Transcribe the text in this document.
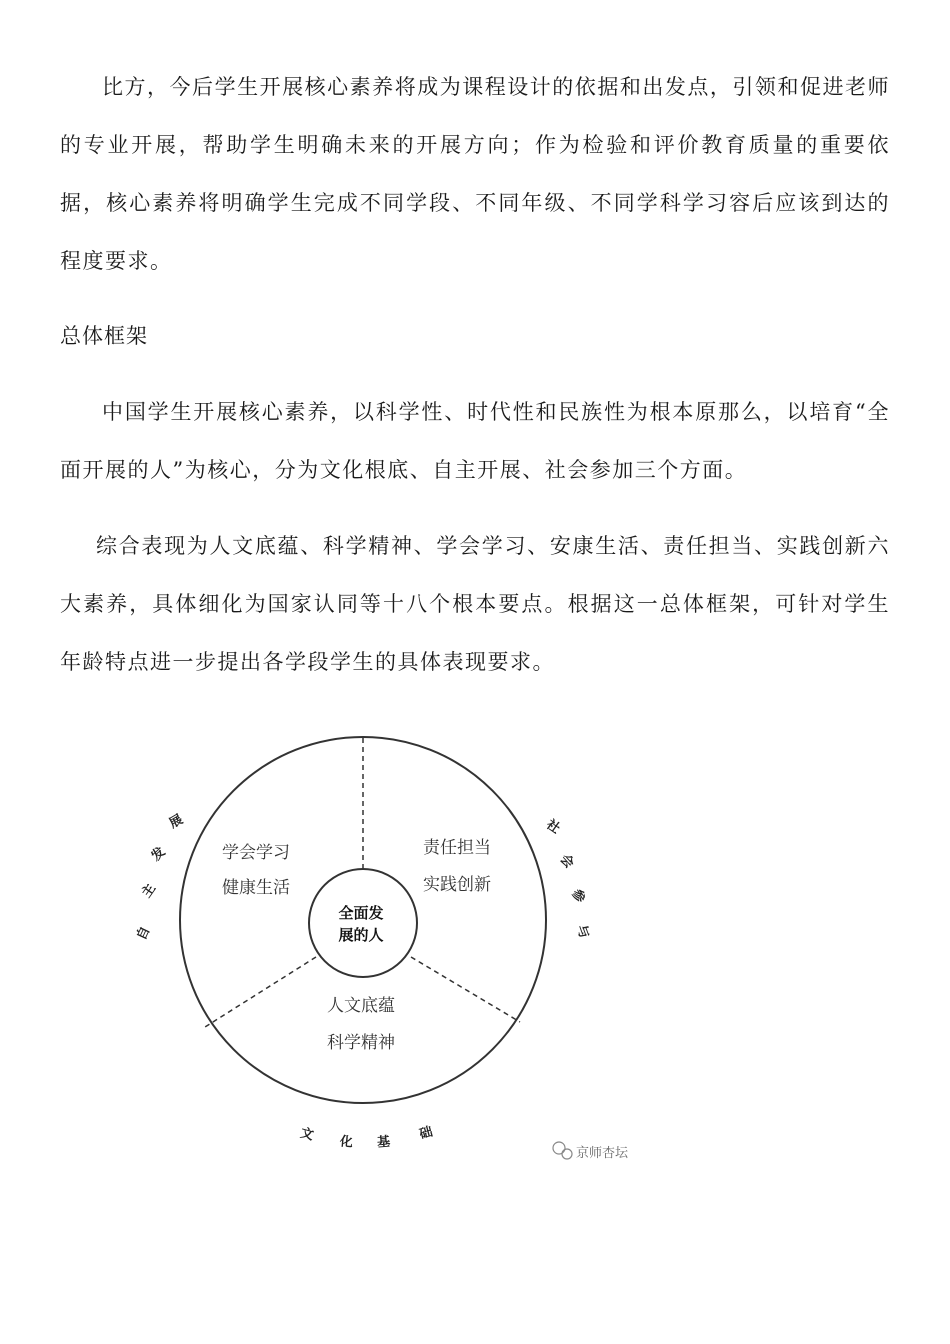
比方，今后学生开展核心素养将成为课程设计的依据和出发点，引领和促进老师的专业开展，帮助学生明确未来的开展方向；作为检验和评价教育质量的重要依据，核心素养将明确学生完成不同学段、不同年级、不同学科学习容后应该到达的程度要求。

总体框架

中国学生开展核心素养，以科学性、时代性和民族性为根本原那么，以培育“全面开展的人”为核心，分为文化根底、自主开展、社会参加三个方面。

综合表现为人文底蕴、科学精神、学会学习、安康生活、责任担当、实践创新六大素养，具体细化为国家认同等十八个根本要点。根据这一总体框架，可针对学生年龄特点进一步提出各学段学生的具体表现要求。

全面发
展的人
学会学习
健康生活
责任担当
实践创新
人文底蕴
科学精神
自
主
发
展	社
会
参
与
文 化 基 础
京师杏坛
